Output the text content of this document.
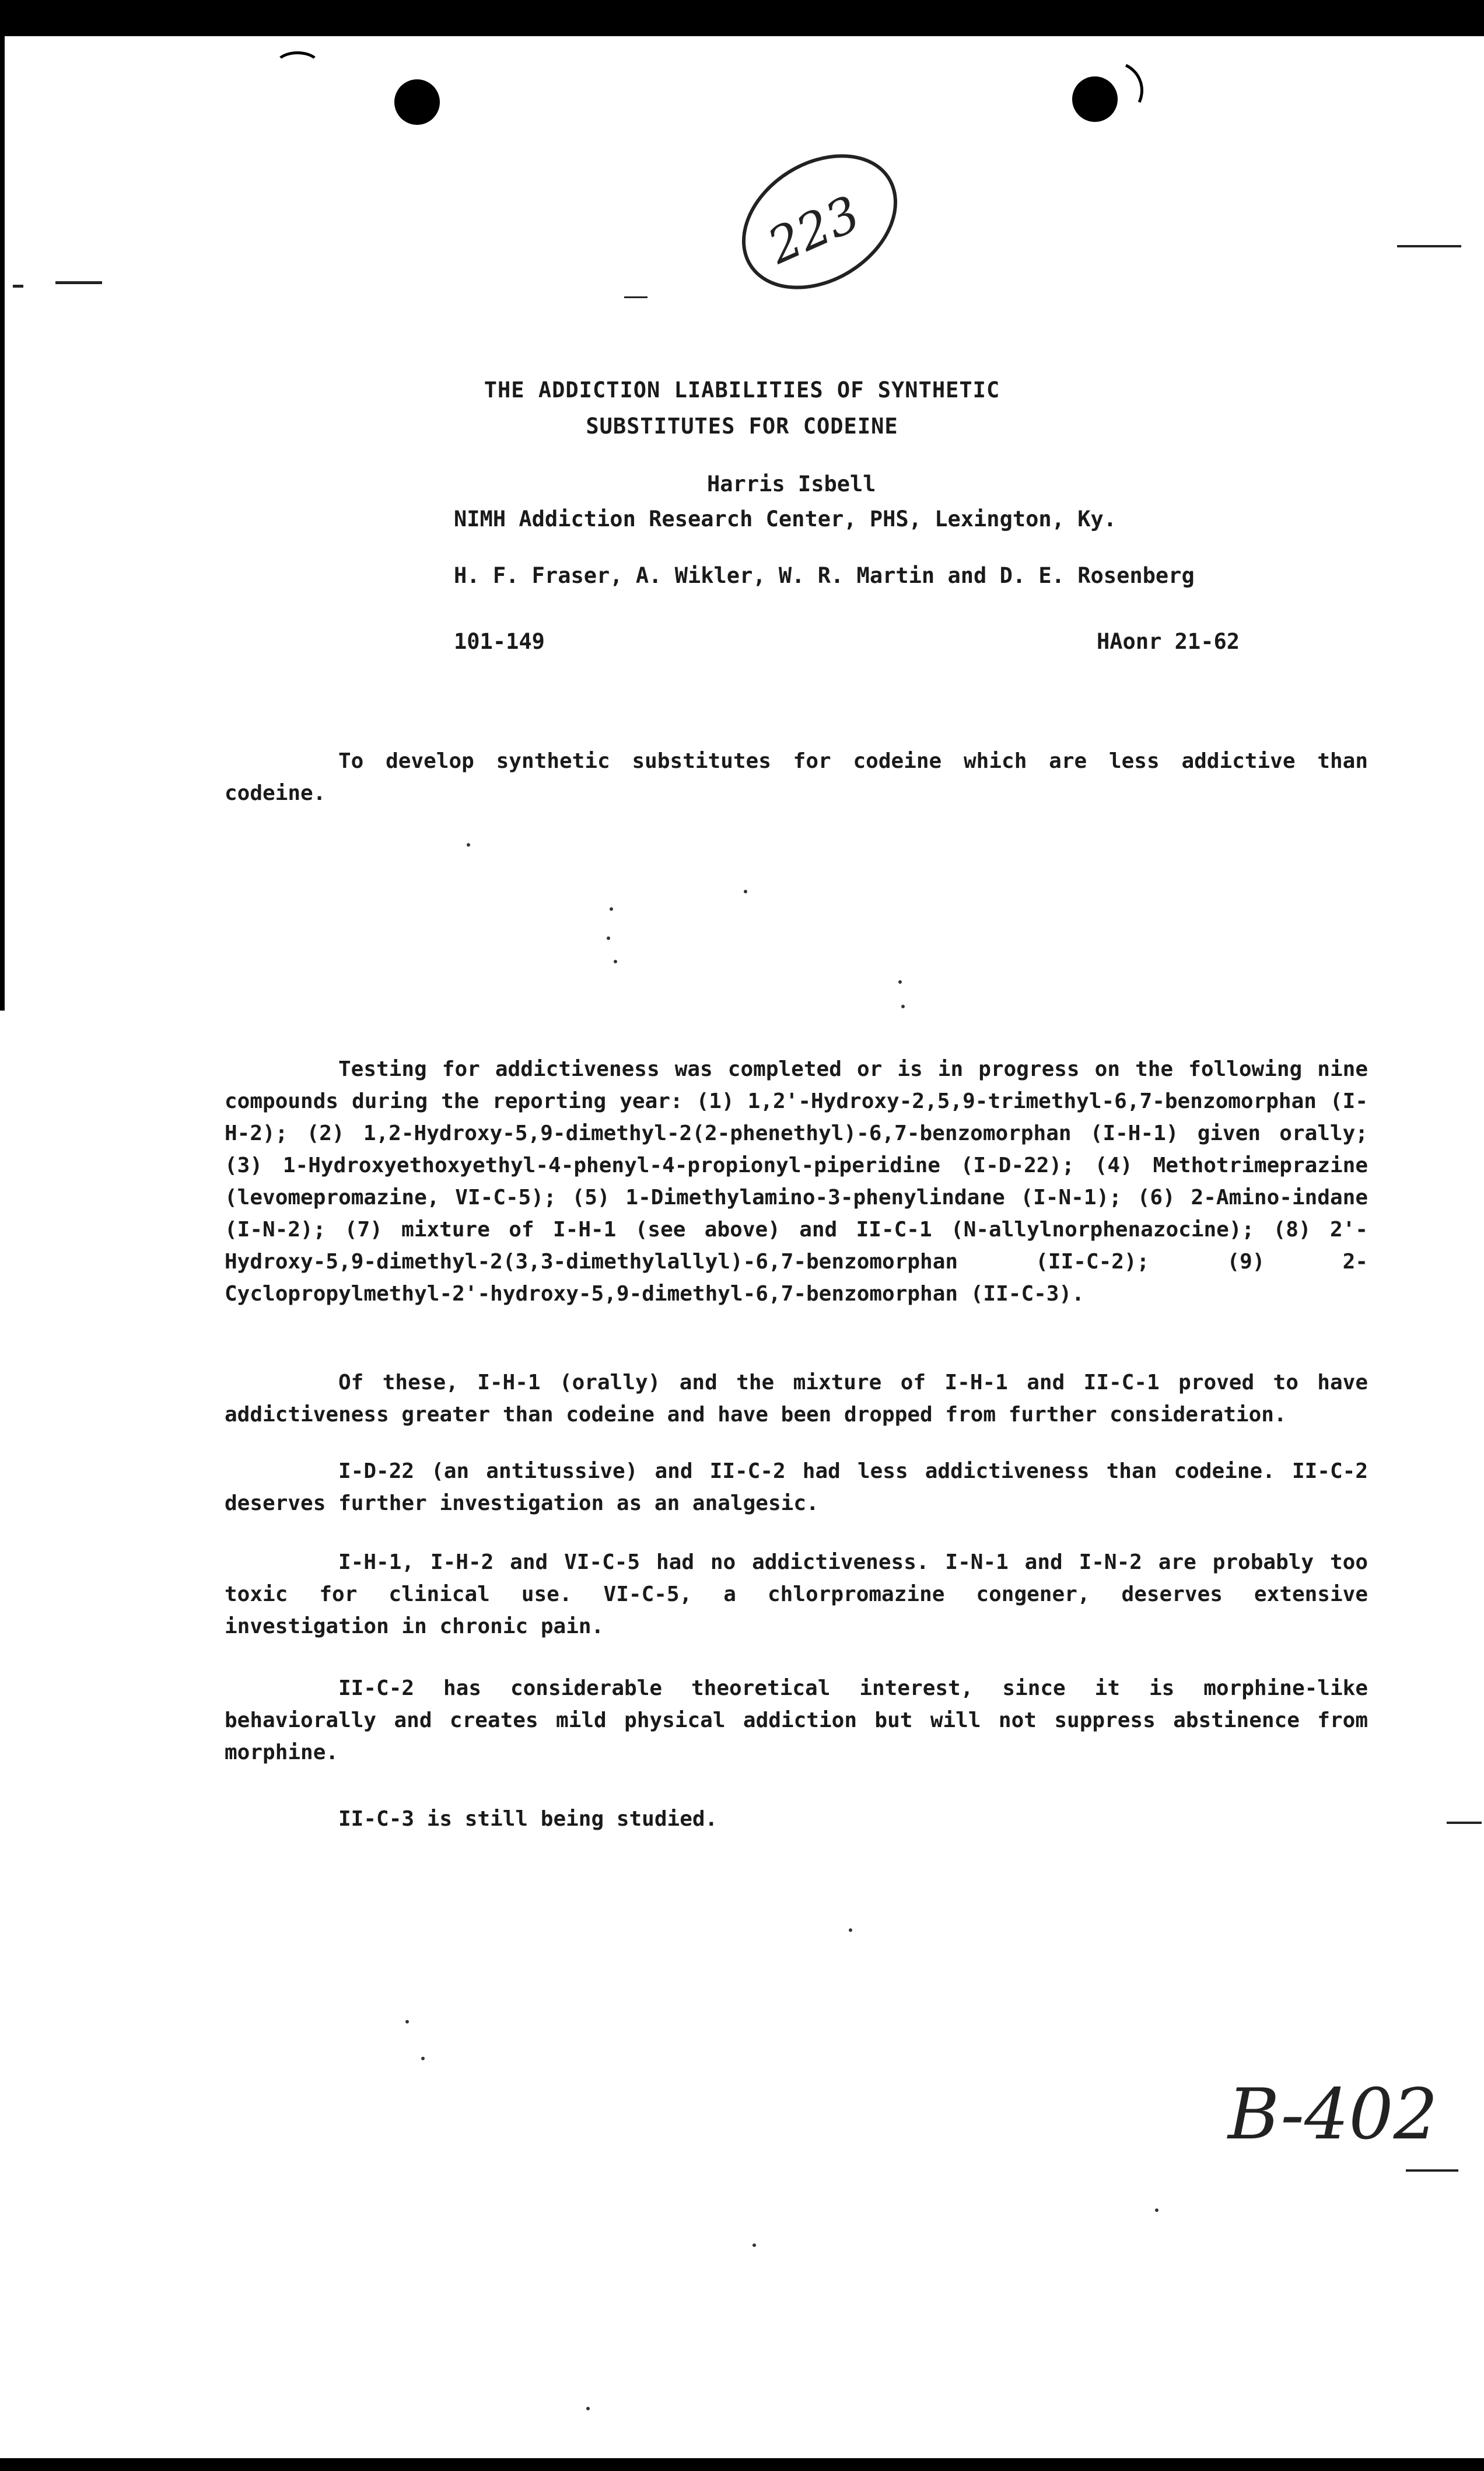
223
THE ADDICTION LIABILITIES OF SYNTHETIC
SUBSTITUTES FOR CODEINE
Harris Isbell
NIMH Addiction Research Center, PHS, Lexington, Ky.
H. F. Fraser, A. Wikler, W. R. Martin and D. E. Rosenberg
101-149	HAonr 21-62

To develop synthetic substitutes for codeine which are less addictive than codeine.

Testing for addictiveness was completed or is in progress on the following nine compounds during the reporting year: (1) 1,2'-Hydroxy-2,5,9-trimethyl-6,7-benzomorphan (I-H-2); (2) 1,2-Hydroxy-5,9-dimethyl-2(2-phenethyl)-6,7-benzomorphan (I-H-1) given orally; (3) 1-Hydroxyethoxyethyl-4-phenyl-4-propionyl-piperidine (I-D-22); (4) Methotrimeprazine (levomepromazine, VI-C-5); (5) 1-Dimethylamino-3-phenylindane (I-N-1); (6) 2-Amino-indane (I-N-2); (7) mixture of I-H-1 (see above) and II-C-1 (N-allylnorphenazocine); (8) 2'-Hydroxy-5,9-dimethyl-2(3,3-dimethylallyl)-6,7-benzomorphan (II-C-2); (9) 2-Cyclopropylmethyl-2'-hydroxy-5,9-dimethyl-6,7-benzomorphan (II-C-3).

Of these, I-H-1 (orally) and the mixture of I-H-1 and II-C-1 proved to have addictiveness greater than codeine and have been dropped from further consideration.

I-D-22 (an antitussive) and II-C-2 had less addictiveness than codeine. II-C-2 deserves further investigation as an analgesic.

I-H-1, I-H-2 and VI-C-5 had no addictiveness. I-N-1 and I-N-2 are probably too toxic for clinical use. VI-C-5, a chlorpromazine congener, deserves extensive investigation in chronic pain.

II-C-2 has considerable theoretical interest, since it is morphine-like behaviorally and creates mild physical addiction but will not suppress abstinence from morphine.

II-C-3 is still being studied.

B-402
